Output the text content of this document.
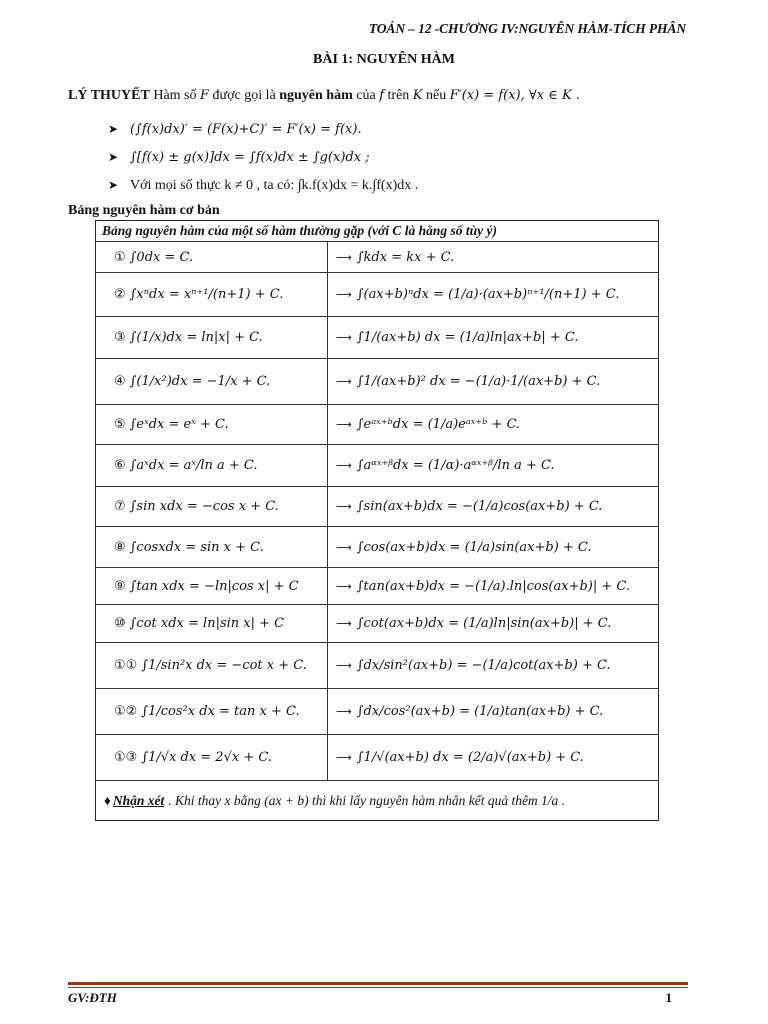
TOÁN – 12 -CHƯƠNG IV:NGUYÊN HÀM-TÍCH PHÂN
BÀI 1: NGUYÊN HÀM
LÝ THUYẾT Hàm số F được gọi là nguyên hàm của f trên K nếu F′(x) = f(x), ∀x ∈ K .
➤ (∫f(x)dx)′ = (F(x)+C)′ = F′(x) = f(x).
➤ ∫[f(x) ± g(x)]dx = ∫f(x)dx ± ∫g(x)dx ;
➤ Với mọi số thực k ≠ 0 , ta có: ∫k.f(x)dx = k.∫f(x)dx .
Bảng nguyên hàm cơ bản
Bảng nguyên hàm của một số hàm thường gặp (với C là hằng số tùy ý)
① ∫0dx = C.	⟶ ∫kdx = kx + C.
② ∫xⁿdx = xⁿ⁺¹/(n+1) + C.	⟶ ∫(ax+b)ⁿdx = (1/a)·(ax+b)ⁿ⁺¹/(n+1) + C.
③ ∫(1/x)dx = ln|x| + C.	⟶ ∫1/(ax+b) dx = (1/a)ln|ax+b| + C.
④ ∫(1/x²)dx = −1/x + C.	⟶ ∫1/(ax+b)² dx = −(1/a)·1/(ax+b) + C.
⑤ ∫eˣdx = eˣ + C.	⟶ ∫eᵃˣ⁺ᵇdx = (1/a)eᵃˣ⁺ᵇ + C.
⑥ ∫aˣdx = aˣ/ln a + C.	⟶ ∫aᵅˣ⁺ᵝdx = (1/α)·aᵅˣ⁺ᵝ/ln a + C.
⑦ ∫sin xdx = −cos x + C.	⟶ ∫sin(ax+b)dx = −(1/a)cos(ax+b) + C.
⑧ ∫cosxdx = sin x + C.	⟶ ∫cos(ax+b)dx = (1/a)sin(ax+b) + C.
⑨ ∫tan xdx = −ln|cos x| + C	⟶ ∫tan(ax+b)dx = −(1/a).ln|cos(ax+b)| + C.
⑩ ∫cot xdx = ln|sin x| + C	⟶ ∫cot(ax+b)dx = (1/a)ln|sin(ax+b)| + C.
①① ∫1/sin²x dx = −cot x + C.	⟶ ∫dx/sin²(ax+b) = −(1/a)cot(ax+b) + C.
①② ∫1/cos²x dx = tan x + C.	⟶ ∫dx/cos²(ax+b) = (1/a)tan(ax+b) + C.
①③ ∫1/√x dx = 2√x + C.	⟶ ∫1/√(ax+b) dx = (2/a)√(ax+b) + C.
♦ Nhận xét . Khi thay x bằng (ax + b) thì khi lấy nguyên hàm nhân kết quả thêm 1/a .
GV:ĐTH	1
